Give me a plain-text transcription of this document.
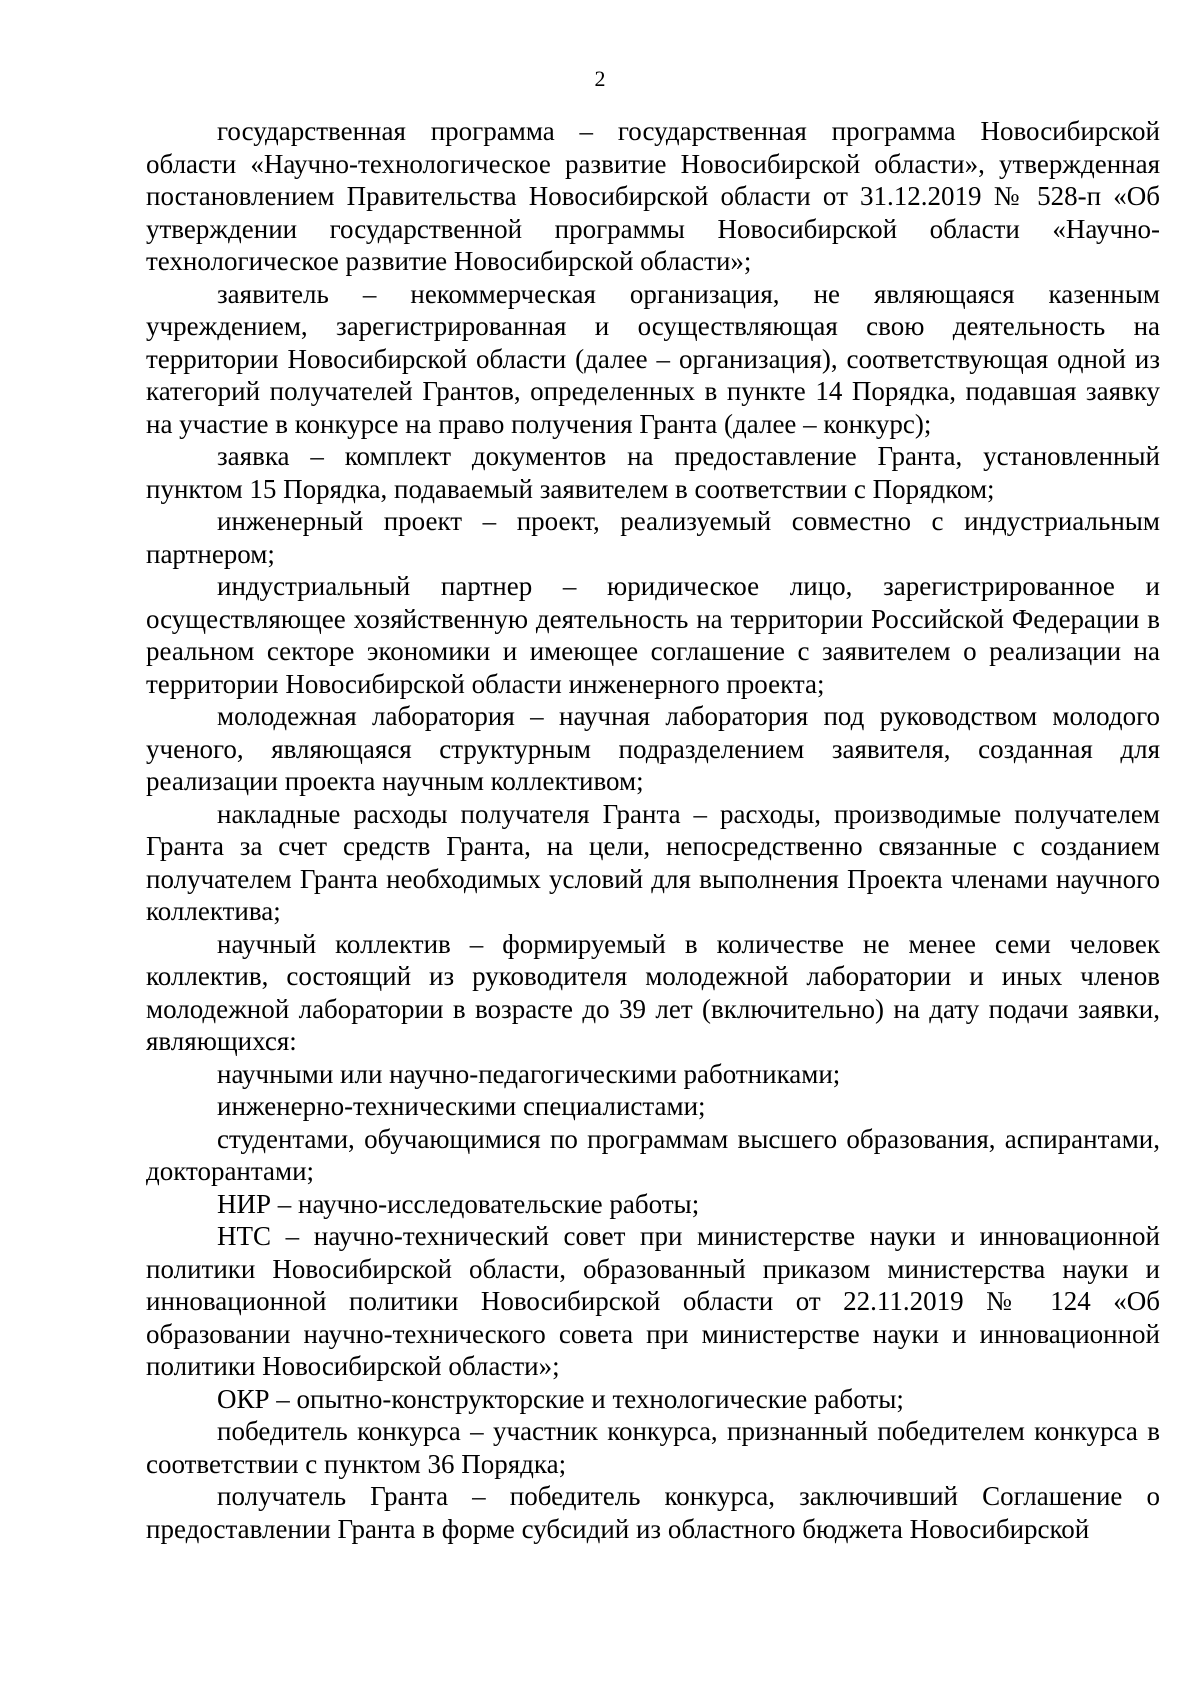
2

государственная программа – государственная программа Новосибирской области «Научно-технологическое развитие Новосибирской области», утвержденная постановлением Правительства Новосибирской области от 31.12.2019 № 528-п «Об утверждении государственной программы Новосибирской области «Научно-технологическое развитие Новосибирской области»;

заявитель – некоммерческая организация, не являющаяся казенным учреждением, зарегистрированная и осуществляющая свою деятельность на территории Новосибирской области (далее – организация), соответствующая одной из категорий получателей Грантов, определенных в пункте 14 Порядка, подавшая заявку на участие в конкурсе на право получения Гранта (далее – конкурс);

заявка – комплект документов на предоставление Гранта, установленный пунктом 15 Порядка, подаваемый заявителем в соответствии с Порядком;

инженерный проект – проект, реализуемый совместно с индустриальным партнером;

индустриальный партнер – юридическое лицо, зарегистрированное и осуществляющее хозяйственную деятельность на территории Российской Федерации в реальном секторе экономики и имеющее соглашение с заявителем о реализации на территории Новосибирской области инженерного проекта;

молодежная лаборатория – научная лаборатория под руководством молодого ученого, являющаяся структурным подразделением заявителя, созданная для реализации проекта научным коллективом;

накладные расходы получателя Гранта – расходы, производимые получателем Гранта за счет средств Гранта, на цели, непосредственно связанные с созданием получателем Гранта необходимых условий для выполнения Проекта членами научного коллектива;

научный коллектив – формируемый в количестве не менее семи человек коллектив, состоящий из руководителя молодежной лаборатории и иных членов молодежной лаборатории в возрасте до 39 лет (включительно) на дату подачи заявки, являющихся:

научными или научно-педагогическими работниками;

инженерно-техническими специалистами;

студентами, обучающимися по программам высшего образования, аспирантами, докторантами;

НИР – научно-исследовательские работы;

НТС – научно-технический совет при министерстве науки и инновационной политики Новосибирской области, образованный приказом министерства науки и инновационной политики Новосибирской области от 22.11.2019 № 124 «Об образовании научно-технического совета при министерстве науки и инновационной политики Новосибирской области»;

ОКР – опытно-конструкторские и технологические работы;

победитель конкурса – участник конкурса, признанный победителем конкурса в соответствии с пунктом 36 Порядка;

получатель Гранта – победитель конкурса, заключивший Соглашение о предоставлении Гранта в форме субсидий из областного бюджета Новосибирской
